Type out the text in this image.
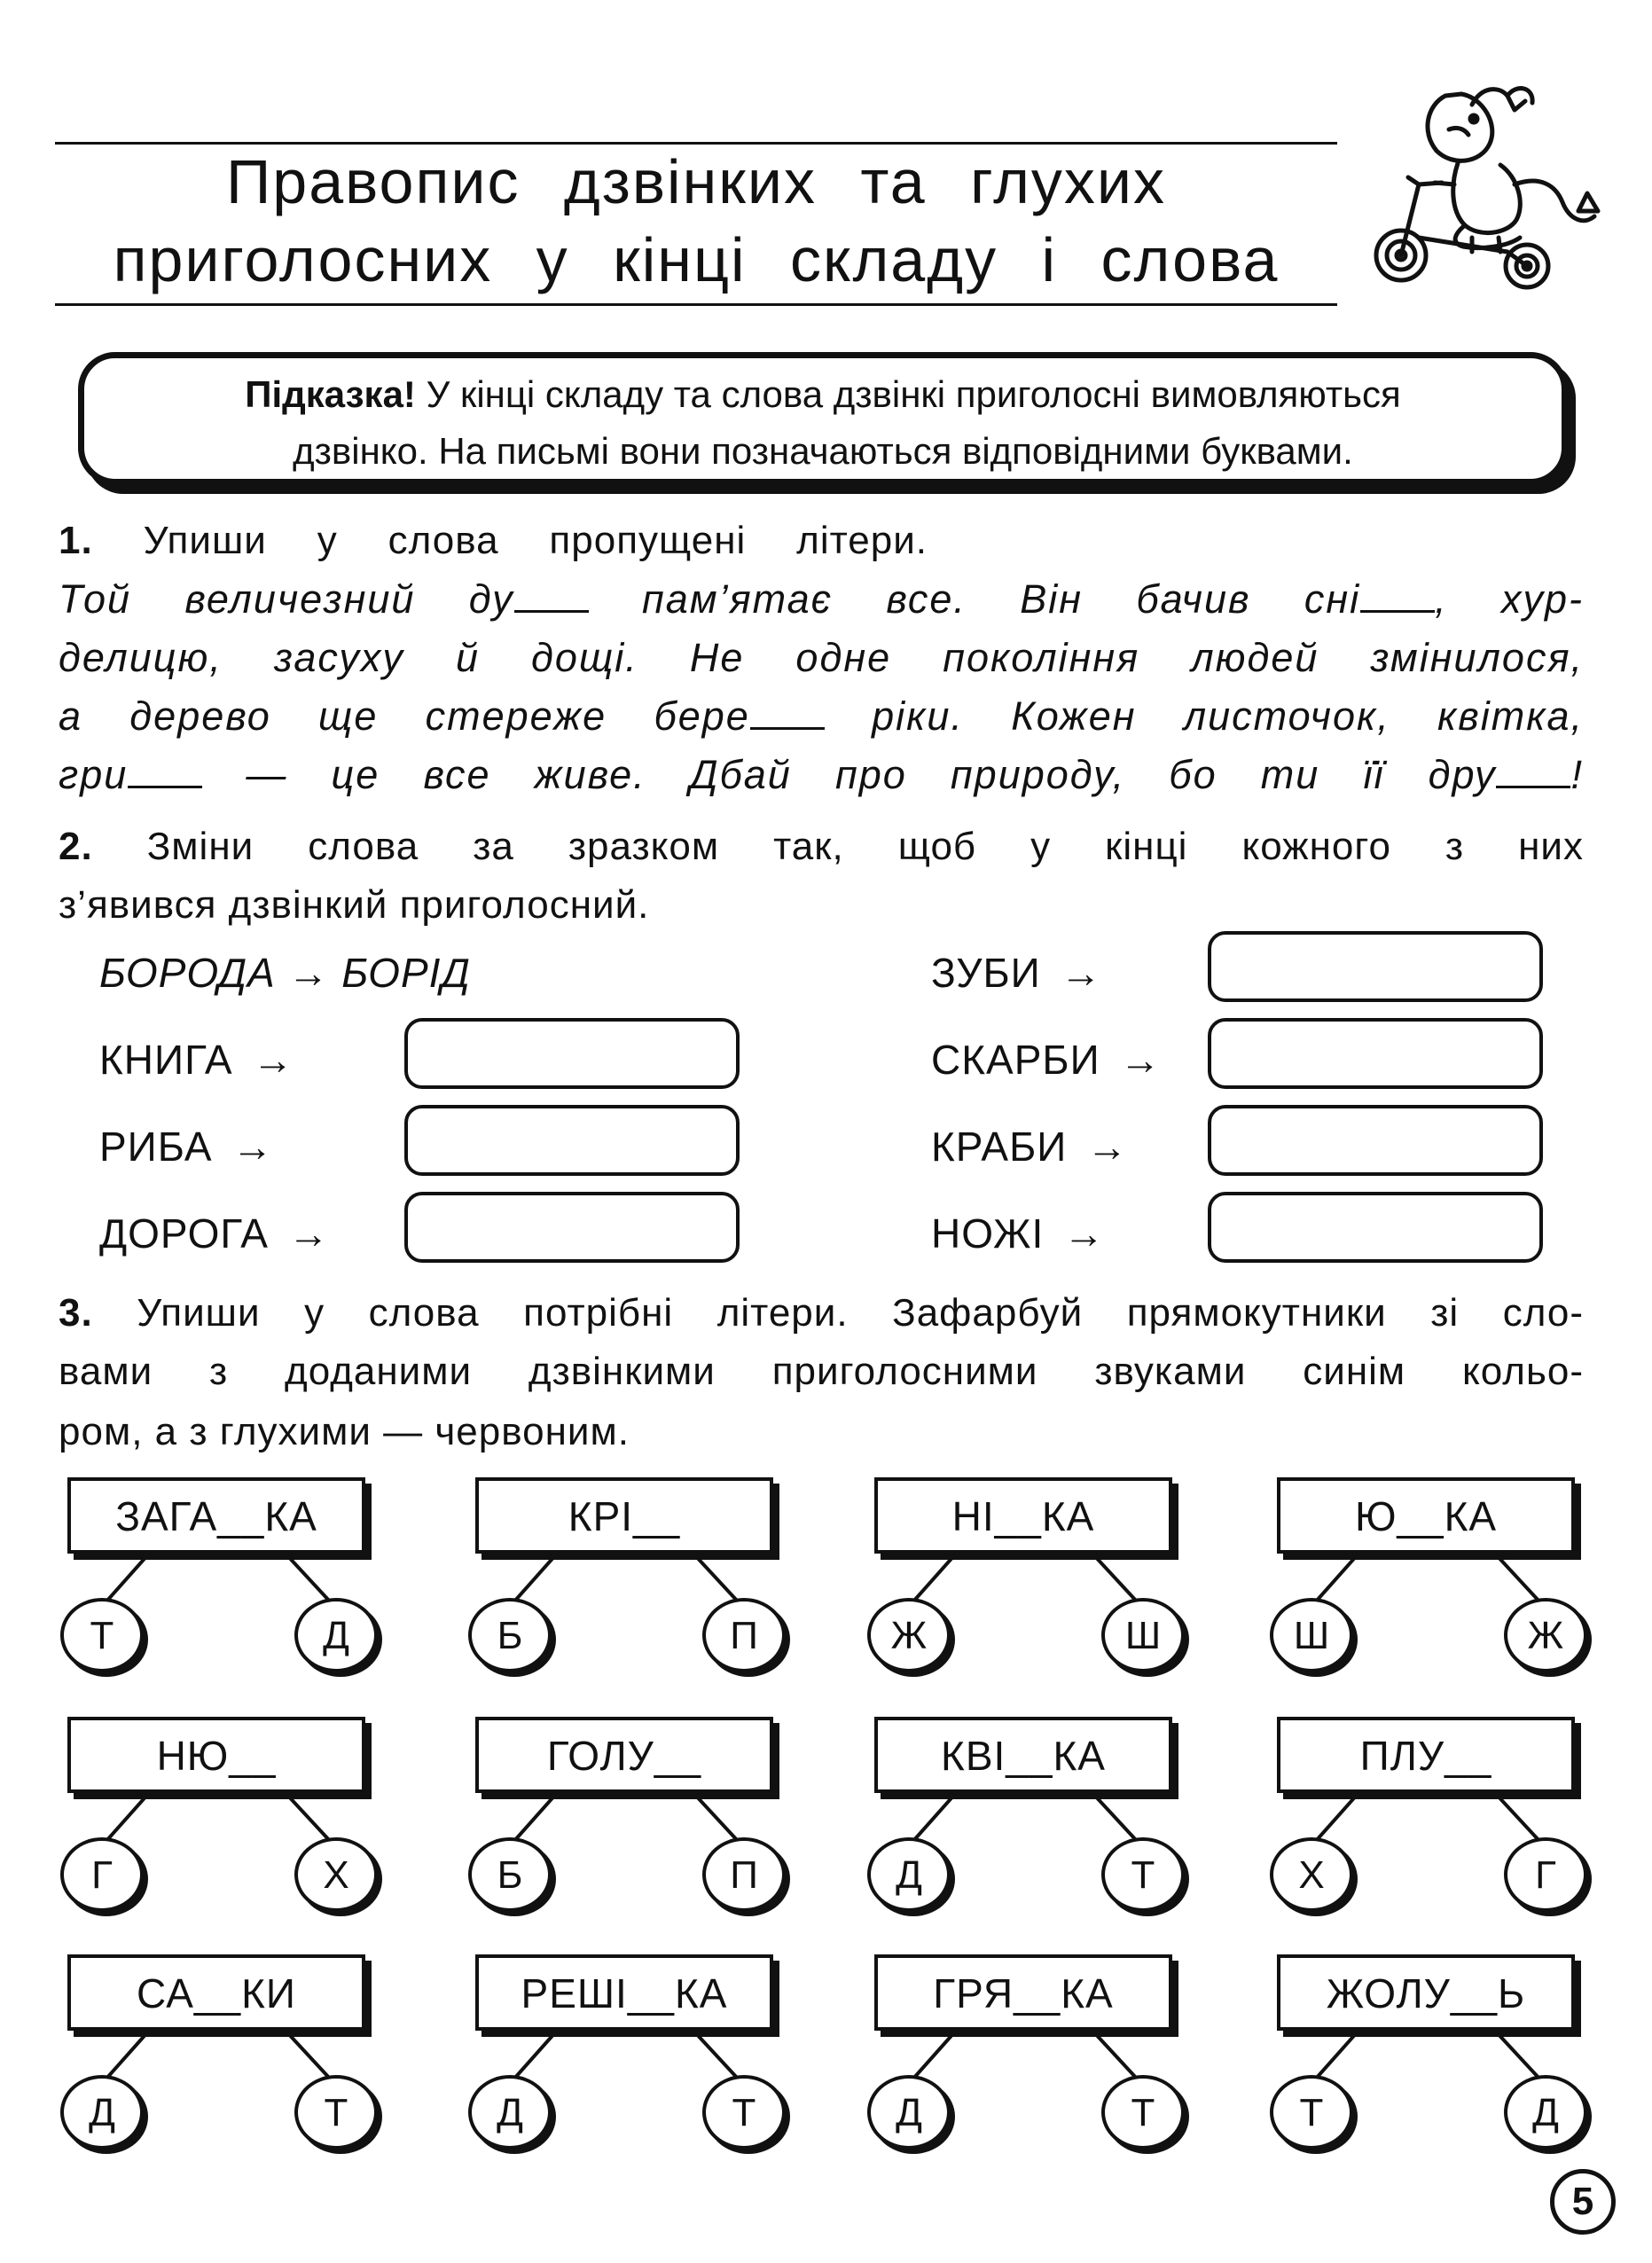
Правопис дзвінких та глухих
приголосних у кінці складу і слова
Підказка! У кінці складу та слова дзвінкі приголосні вимовляються
дзвінко. На письмі вони позначаються відповідними буквами.
1. Упиши у слова пропущені літери.
Той величезний ду	пам’ятає все. Він бачив сні , хур-
делицю, засуху й дощі. Не одне покоління людей змінилося,
а дерево ще стереже бере	ріки. Кожен листочок, квітка,
гри	— це все живе. Дбай про природу, бо ти її дру !
2. Зміни слова за зразком так, щоб у кінці кожного з них
з’явився дзвінкий приголосний.
БОРОДА → БОРІД
КНИГА →
РИБА →
ДОРОГА →
ЗУБИ →
СКАРБИ →
КРАБИ →
НОЖІ →
3. Упиши у слова потрібні літери. Зафарбуй прямокутники зі сло-
вами з доданими дзвінкими приголосними звуками синім кольо-
ром, а з глухими — червоним.
ЗАГА__КА
Т	Д
КРІ__
Б	П
НІ__КА
Ж	Ш
Ю__КА
Ш	Ж
НЮ__
Г	Х
ГОЛУ__
Б	П
КВІ__КА
Д	Т
ПЛУ__
Х	Г
СА__КИ
Д	Т
РЕШІ__КА
Д	Т
ГРЯ__КА
Д	Т
ЖОЛУ__Ь
Т	Д
5
